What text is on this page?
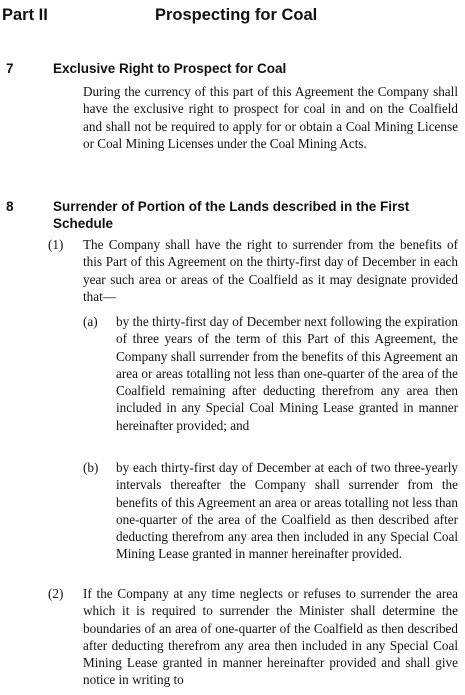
Part II	Prospecting for Coal
7	Exclusive Right to Prospect for Coal
During the currency of this part of this Agreement the Company shall have the exclusive right to prospect for coal in and on the Coalfield and shall not be required to apply for or obtain a Coal Mining License or Coal Mining Licenses under the Coal Mining Acts.
8	Surrender of Portion of the Lands described in the First Schedule
(1) The Company shall have the right to surrender from the benefits of this Part of this Agreement on the thirty-first day of December in each year such area or areas of the Coalfield as it may designate provided that—
(a) by the thirty-first day of December next following the expiration of three years of the term of this Part of this Agreement, the Company shall surrender from the benefits of this Agreement an area or areas totalling not less than one-quarter of the area of the Coalfield remaining after deducting therefrom any area then included in any Special Coal Mining Lease granted in manner hereinafter provided; and
(b) by each thirty-first day of December at each of two three-yearly intervals thereafter the Company shall surrender from the benefits of this Agreement an area or areas totalling not less than one-quarter of the area of the Coalfield as then described after deducting therefrom any area then included in any Special Coal Mining Lease granted in manner hereinafter provided.
(2) If the Company at any time neglects or refuses to surrender the area which it is required to surrender the Minister shall determine the boundaries of an area of one-quarter of the Coalfield as then described after deducting therefrom any area then included in any Special Coal Mining Lease granted in manner hereinafter provided and shall give notice in writing to
